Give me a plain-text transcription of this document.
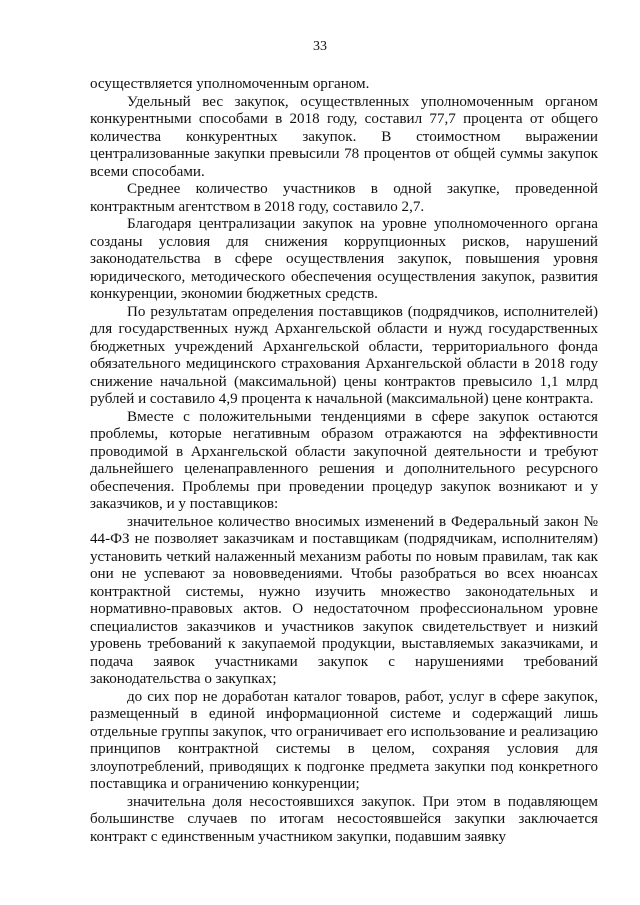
33

осуществляется уполномоченным органом.

Удельный вес закупок, осуществленных уполномоченным органом конкурентными способами в 2018 году, составил 77,7 процента от общего количества конкурентных закупок. В стоимостном выражении централизованные закупки превысили 78 процентов от общей суммы закупок всеми способами.

Среднее количество участников в одной закупке, проведенной контрактным агентством в 2018 году, составило 2,7.

Благодаря централизации закупок на уровне уполномоченного органа созданы условия для снижения коррупционных рисков, нарушений законодательства в сфере осуществления закупок, повышения уровня юридического, методического обеспечения осуществления закупок, развития конкуренции, экономии бюджетных средств.

По результатам определения поставщиков (подрядчиков, исполнителей) для государственных нужд Архангельской области и нужд государственных бюджетных учреждений Архангельской области, территориального фонда обязательного медицинского страхования Архангельской области в 2018 году снижение начальной (максимальной) цены контрактов превысило 1,1 млрд рублей и составило 4,9 процента к начальной (максимальной) цене контракта.

Вместе с положительными тенденциями в сфере закупок остаются проблемы, которые негативным образом отражаются на эффективности проводимой в Архангельской области закупочной деятельности и требуют дальнейшего целенаправленного решения и дополнительного ресурсного обеспечения. Проблемы при проведении процедур закупок возникают и у заказчиков, и у поставщиков:

значительное количество вносимых изменений в Федеральный закон № 44-ФЗ не позволяет заказчикам и поставщикам (подрядчикам, исполнителям) установить четкий налаженный механизм работы по новым правилам, так как они не успевают за нововведениями. Чтобы разобраться во всех нюансах контрактной системы, нужно изучить множество законодательных и нормативно-правовых актов. О недостаточном профессиональном уровне специалистов заказчиков и участников закупок свидетельствует и низкий уровень требований к закупаемой продукции, выставляемых заказчиками, и подача заявок участниками закупок с нарушениями требований законодательства о закупках;

до сих пор не доработан каталог товаров, работ, услуг в сфере закупок, размещенный в единой информационной системе и содержащий лишь отдельные группы закупок, что ограничивает его использование и реализацию принципов контрактной системы в целом, сохраняя условия для злоупотреблений, приводящих к подгонке предмета закупки под конкретного поставщика и ограничению конкуренции;

значительна доля несостоявшихся закупок. При этом в подавляющем большинстве случаев по итогам несостоявшейся закупки заключается контракт с единственным участником закупки, подавшим заявку
